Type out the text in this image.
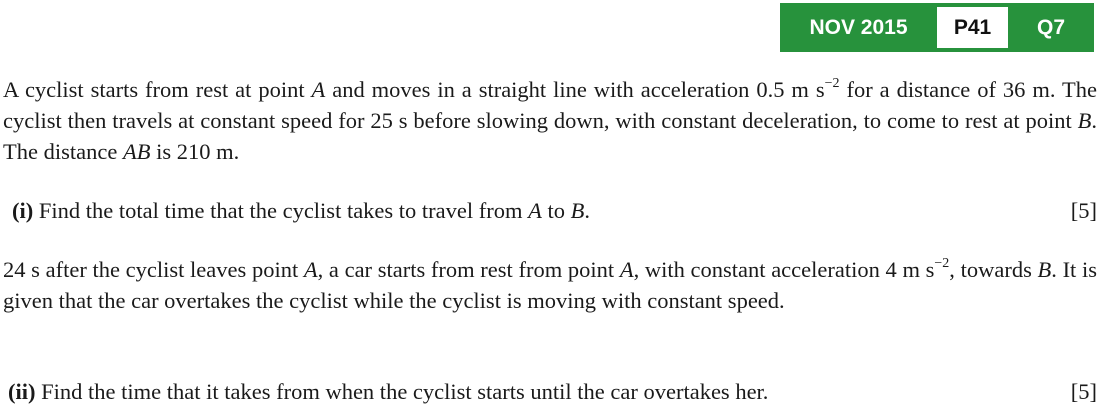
NOV 2015	P41	Q7
A cyclist starts from rest at point A and moves in a straight line with acceleration 0.5 m $s^{-2}$ for a distance of 36 m. The cyclist then travels at constant speed for 25 s before slowing down, with constant deceleration, to come to rest at point B. The distance AB is 210 m.
(i) Find the total time that the cyclist takes to travel from A to B.	[5]
24 s after the cyclist leaves point A, a car starts from rest from point A, with constant acceleration 4 m $s^{-2}$, towards B. It is given that the car overtakes the cyclist while the cyclist is moving with constant speed.
(ii) Find the time that it takes from when the cyclist starts until the car overtakes her.	[5]
